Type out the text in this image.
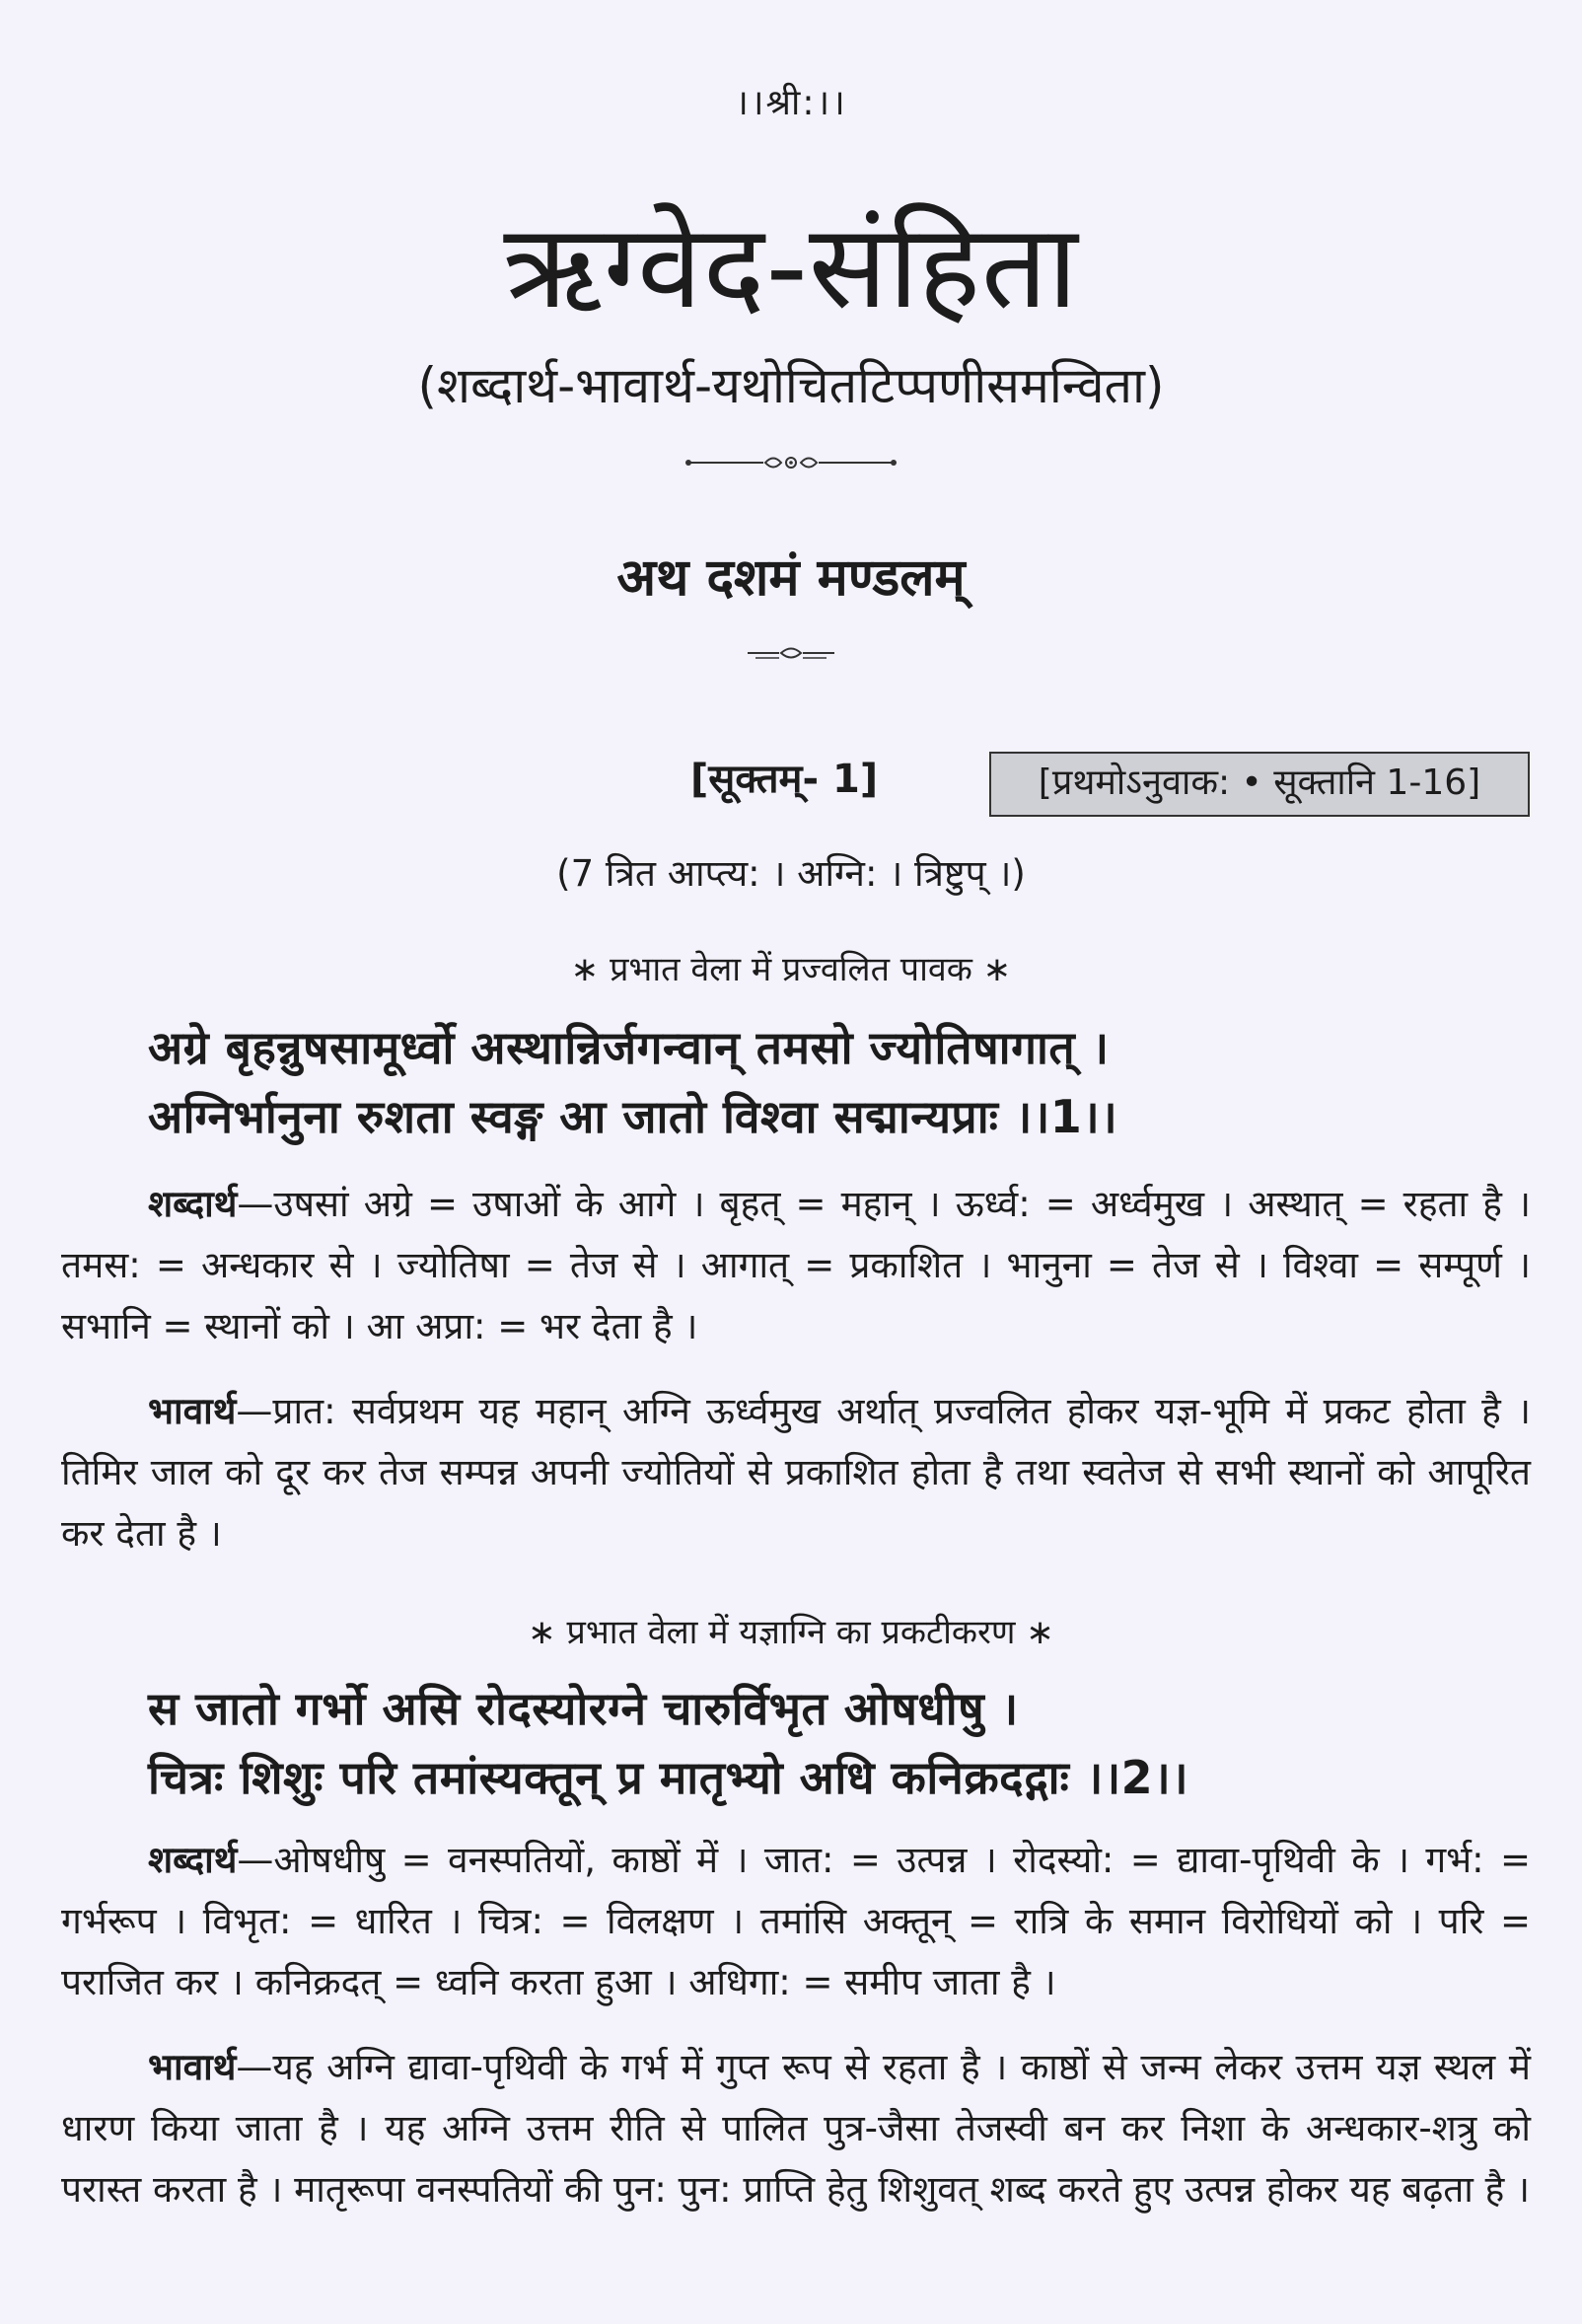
।।श्री:।।
ऋग्वेद-संहिता
(शब्दार्थ-भावार्थ-यथोचितटिप्पणीसमन्विता)
अथ दशमं मण्डलम्
[सूक्तम्- 1]	[प्रथमोऽनुवाक: • सूक्तानि 1-16]
(7 त्रित आप्त्य: । अग्नि: । त्रिष्टुप् ।)
∗ प्रभात वेला में प्रज्वलित पावक ∗
अग्रे बृहन्नुषसामूर्ध्वो अस्थान्निर्जगन्वान् तमसो ज्योतिषागात् ।
अग्निर्भानुना रुशता स्वङ्ग आ जातो विश्वा सद्मान्यप्राः ।।1।।
शब्दार्थ—उषसां अग्रे = उषाओं के आगे । बृहत् = महान् । ऊर्ध्व: = अर्ध्वमुख । अस्थात् = रहता है । तमस: = अन्धकार से । ज्योतिषा = तेज से । आगात् = प्रकाशित । भानुना = तेज से । विश्वा = सम्पूर्ण । सभानि = स्थानों को । आ अप्रा: = भर देता है ।
भावार्थ—प्रात: सर्वप्रथम यह महान् अग्नि ऊर्ध्वमुख अर्थात् प्रज्वलित होकर यज्ञ-भूमि में प्रकट होता है । तिमिर जाल को दूर कर तेज सम्पन्न अपनी ज्योतियों से प्रकाशित होता है तथा स्वतेज से सभी स्थानों को आपूरित कर देता है ।
∗ प्रभात वेला में यज्ञाग्नि का प्रकटीकरण ∗
स जातो गर्भो असि रोदस्योरग्ने चारुर्विभृत ओषधीषु ।
चित्रः शिशुः परि तमांस्यक्तून् प्र मातृभ्यो अधि कनिक्रदद्गाः ।।2।।
शब्दार्थ—ओषधीषु = वनस्पतियों, काष्ठों में । जात: = उत्पन्न । रोदस्यो: = द्यावा-पृथिवी के । गर्भ: = गर्भरूप । विभृत: = धारित । चित्र: = विलक्षण । तमांसि अक्तून् = रात्रि के समान विरोधियों को । परि = पराजित कर । कनिक्रदत् = ध्वनि करता हुआ । अधिगा: = समीप जाता है ।
भावार्थ—यह अग्नि द्यावा-पृथिवी के गर्भ में गुप्त रूप से रहता है । काष्ठों से जन्म लेकर उत्तम यज्ञ स्थल में धारण किया जाता है । यह अग्नि उत्तम रीति से पालित पुत्र-जैसा तेजस्वी बन कर निशा के अन्धकार-शत्रु को परास्त करता है । मातृरूपा वनस्पतियों की पुन: पुन: प्राप्ति हेतु शिशुवत् शब्द करते हुए उत्पन्न होकर यह बढ़ता है ।
